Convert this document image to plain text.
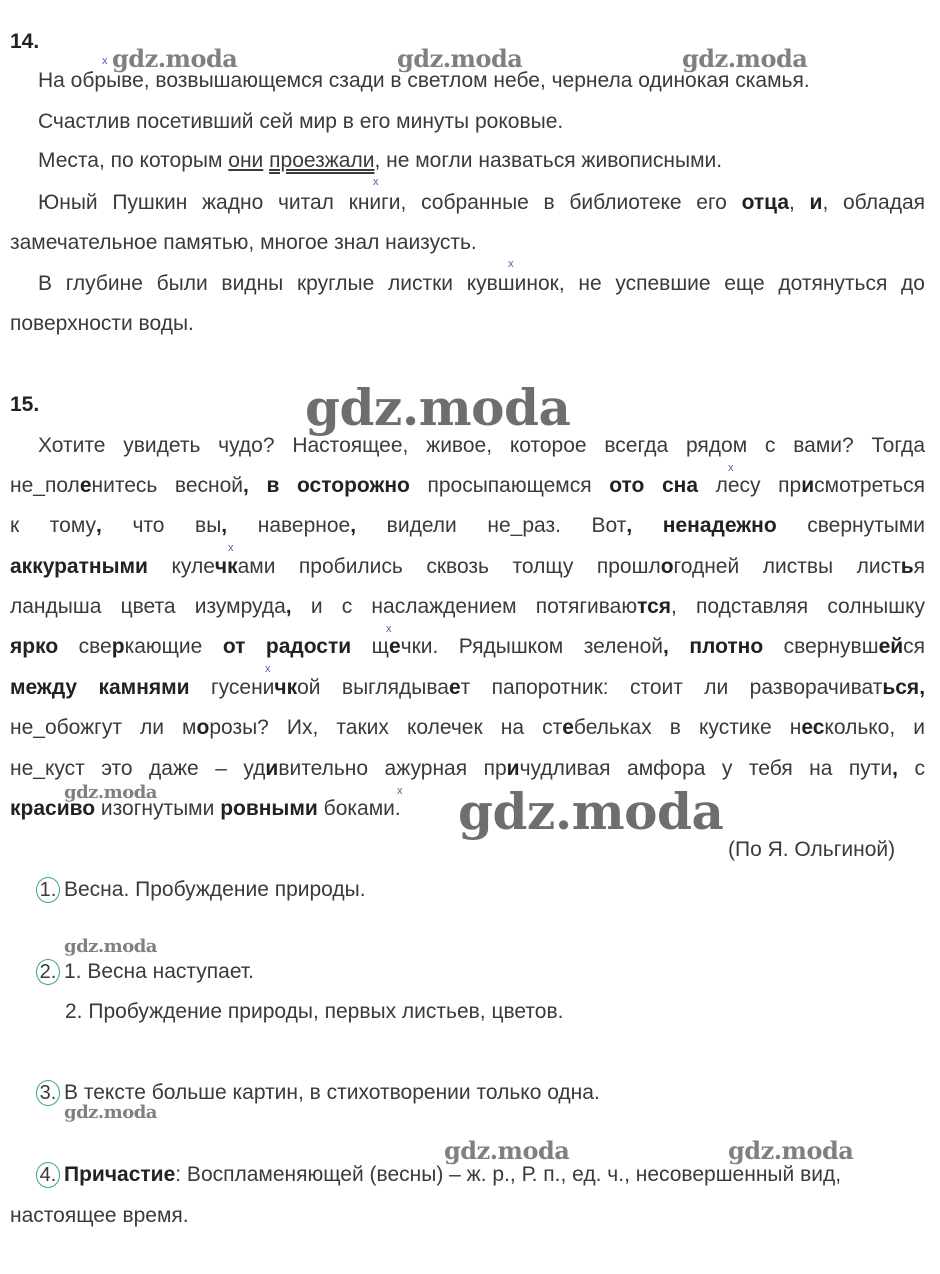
14.
gdz.moda	gdz.moda	gdz.moda
x
На обрыве, возвышающемся сзади в светлом небе, чернела одинокая скамья.
Счастлив посетивший сей мир в его минуты роковые.
Места, по которым они проезжали, не могли назваться живописными.
x
Юный Пушкин жадно читал книги, собранные в библиотеке его отца, и, обладая
замечательное памятью, многое знал наизусть.
x
В глубине были видны круглые листки кувшинок, не успевшие еще дотянуться до
поверхности воды.
15.	gdz.moda
Хотите увидеть чудо? Настоящее, живое, которое всегда рядом с вами? Тогда
x
не_поленитесь весной, в осторожно просыпающемся ото сна лесу присмотреться
к тому, что вы, наверное, видели не_раз. Вот, ненадежно свернутыми
x
аккуратными кулечками пробились сквозь толщу прошлогодней листвы листья
ландыша цвета изумруда, и с наслаждением потягиваются, подставляя солнышку
x
ярко сверкающие от радости щечки. Рядышком зеленой, плотно свернувшейся
x
между камнями гусеничкой выглядывает папоротник: стоит ли разворачиваться,
не_обожгут ли морозы? Их, таких колечек на стебельках в кустике несколько, и
не_куст это даже – удивительно ажурная причудливая амфора у тебя на пути, с
gdz.moda	x
красиво изогнутыми ровными боками. gdz.moda
(По Я. Ольгиной)
1. Весна. Пробуждение природы.
gdz.moda
2. 1. Весна наступает.
2. Пробуждение природы, первых листьев, цветов.
3. В тексте больше картин, в стихотворении только одна.
gdz.moda
gdz.moda	gdz.moda
4. Причастие: Воспламеняющей (весны) – ж. р., Р. п., ед. ч., несовершенный вид,
настоящее время.
